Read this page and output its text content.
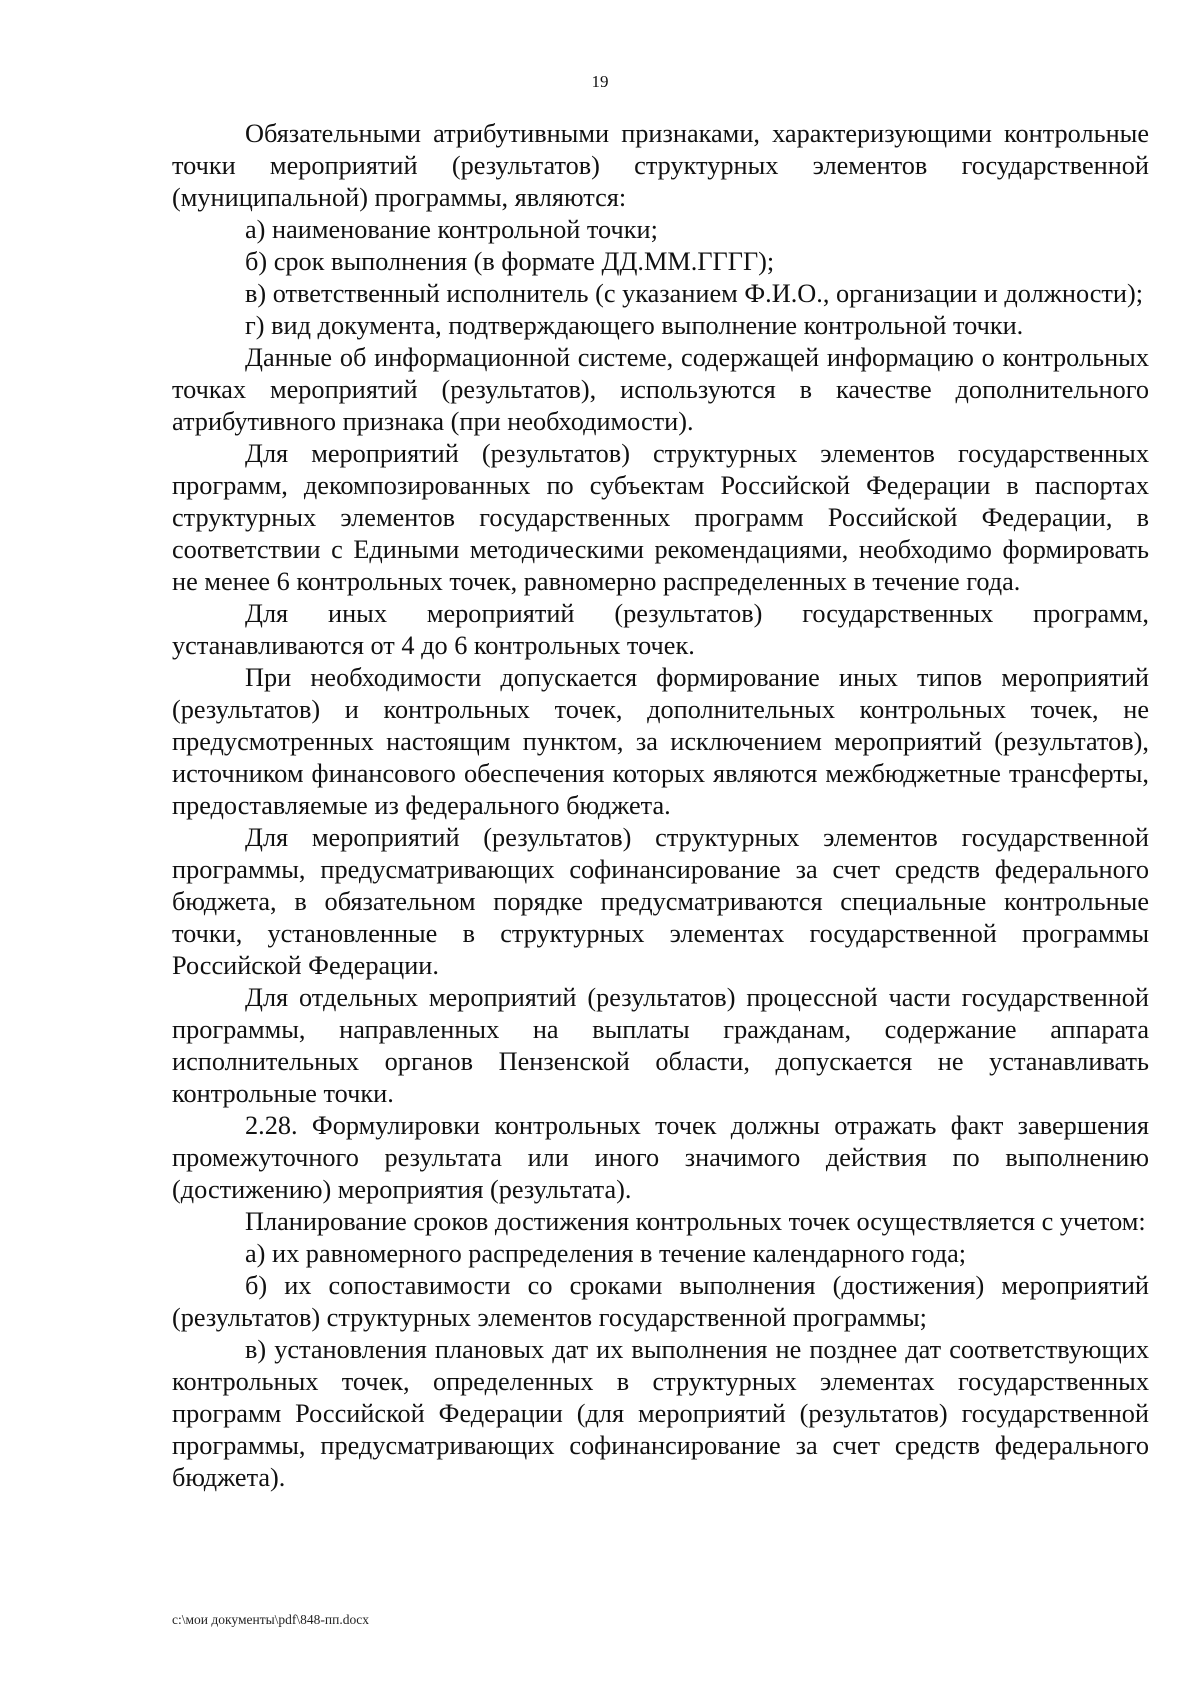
19

Обязательными атрибутивными признаками, характеризующими контрольные точки мероприятий (результатов) структурных элементов государственной (муниципальной) программы, являются:

а) наименование контрольной точки;

б) срок выполнения (в формате ДД.ММ.ГГГГ);

в) ответственный исполнитель (с указанием Ф.И.О., организации и должности);

г) вид документа, подтверждающего выполнение контрольной точки.

Данные об информационной системе, содержащей информацию о контрольных точках мероприятий (результатов), используются в качестве дополнительного атрибутивного признака (при необходимости).

Для мероприятий (результатов) структурных элементов государственных программ, декомпозированных по субъектам Российской Федерации в паспортах структурных элементов государственных программ Российской Федерации, в соответствии с Едиными методическими рекомендациями, необходимо формировать не менее 6 контрольных точек, равномерно распределенных в течение года.

Для иных мероприятий (результатов) государственных программ, устанавливаются от 4 до 6 контрольных точек.

При необходимости допускается формирование иных типов мероприятий (результатов) и контрольных точек, дополнительных контрольных точек, не предусмотренных настоящим пунктом, за исключением мероприятий (результатов), источником финансового обеспечения которых являются межбюджетные трансферты, предоставляемые из федерального бюджета.

Для мероприятий (результатов) структурных элементов государственной программы, предусматривающих софинансирование за счет средств федерального бюджета, в обязательном порядке предусматриваются специальные контрольные точки, установленные в структурных элементах государственной программы Российской Федерации.

Для отдельных мероприятий (результатов) процессной части государственной программы, направленных на выплаты гражданам, содержание аппарата исполнительных органов Пензенской области, допускается не устанавливать контрольные точки.

2.28. Формулировки контрольных точек должны отражать факт завершения промежуточного результата или иного значимого действия по выполнению (достижению) мероприятия (результата).

Планирование сроков достижения контрольных точек осуществляется с учетом:

а) их равномерного распределения в течение календарного года;

б) их сопоставимости со сроками выполнения (достижения) мероприятий (результатов) структурных элементов государственной программы;

в) установления плановых дат их выполнения не позднее дат соответствующих контрольных точек, определенных в структурных элементах государственных программ Российской Федерации (для мероприятий (результатов) государственной программы, предусматривающих софинансирование за счет средств федерального бюджета).

c:\мои документы\pdf\848-пп.docx
